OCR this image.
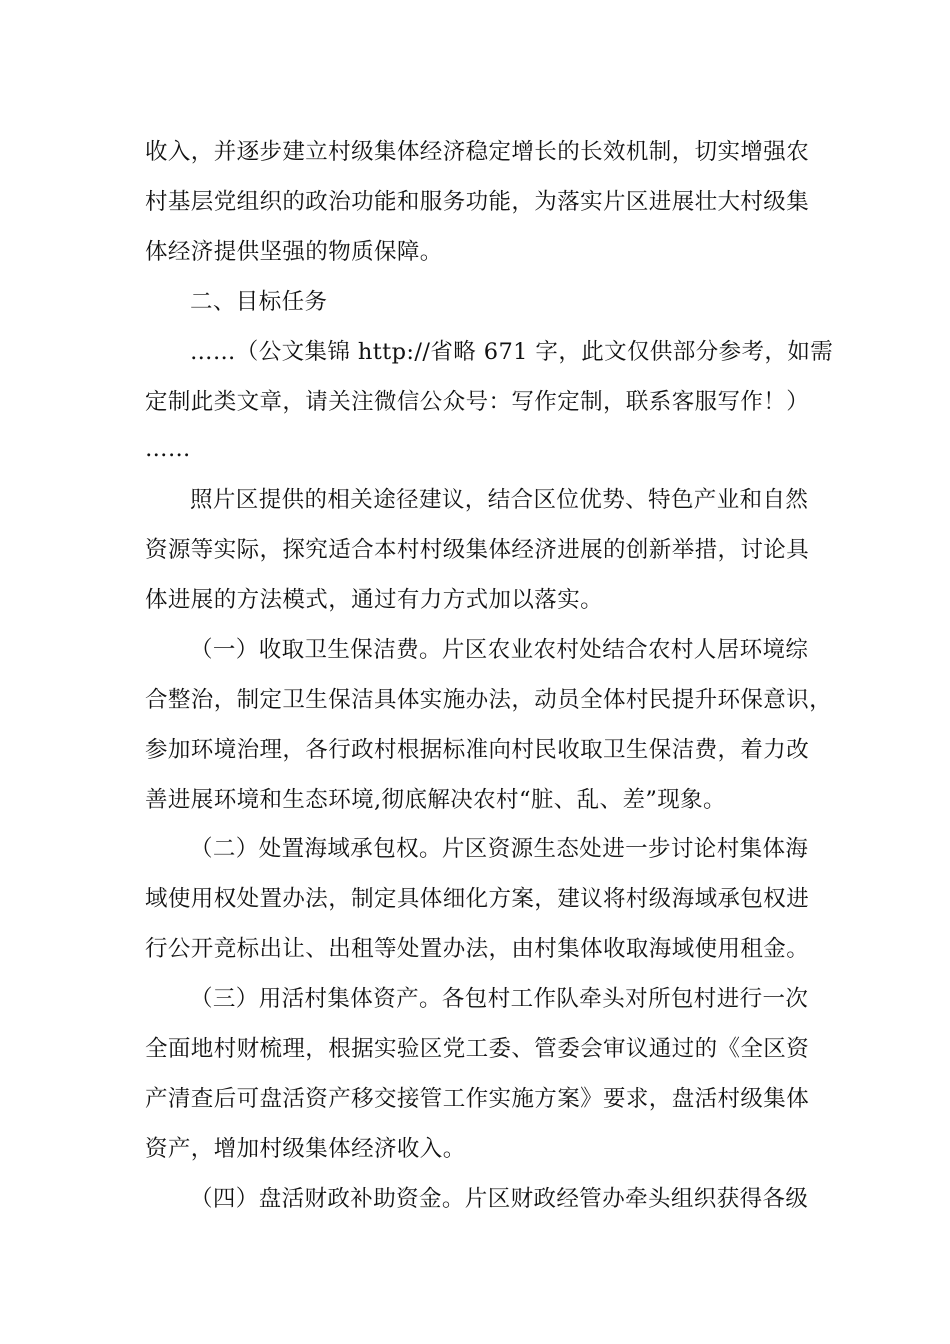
收入，并逐步建立村级集体经济稳定增长的长效机制，切实增强农
村基层党组织的政治功能和服务功能，为落实片区进展壮大村级集
体经济提供坚强的物质保障。
二、目标任务
……（公文集锦 http://省略 671 字，此文仅供部分参考，如需
定制此类文章，请关注微信公众号：写作定制，联系客服写作！）
……
照片区提供的相关途径建议，结合区位优势、特色产业和自然
资源等实际，探究适合本村村级集体经济进展的创新举措，讨论具
体进展的方法模式，通过有力方式加以落实。
（一）收取卫生保洁费。片区农业农村处结合农村人居环境综
合整治，制定卫生保洁具体实施办法，动员全体村民提升环保意识，
参加环境治理，各行政村根据标准向村民收取卫生保洁费，着力改
善进展环境和生态环境,彻底解决农村“脏、乱、差”现象。
（二）处置海域承包权。片区资源生态处进一步讨论村集体海
域使用权处置办法，制定具体细化方案，建议将村级海域承包权进
行公开竞标出让、出租等处置办法，由村集体收取海域使用租金。
（三）用活村集体资产。各包村工作队牵头对所包村进行一次
全面地村财梳理，根据实验区党工委、管委会审议通过的《全区资
产清查后可盘活资产移交接管工作实施方案》要求，盘活村级集体
资产，增加村级集体经济收入。
（四）盘活财政补助资金。片区财政经管办牵头组织获得各级
